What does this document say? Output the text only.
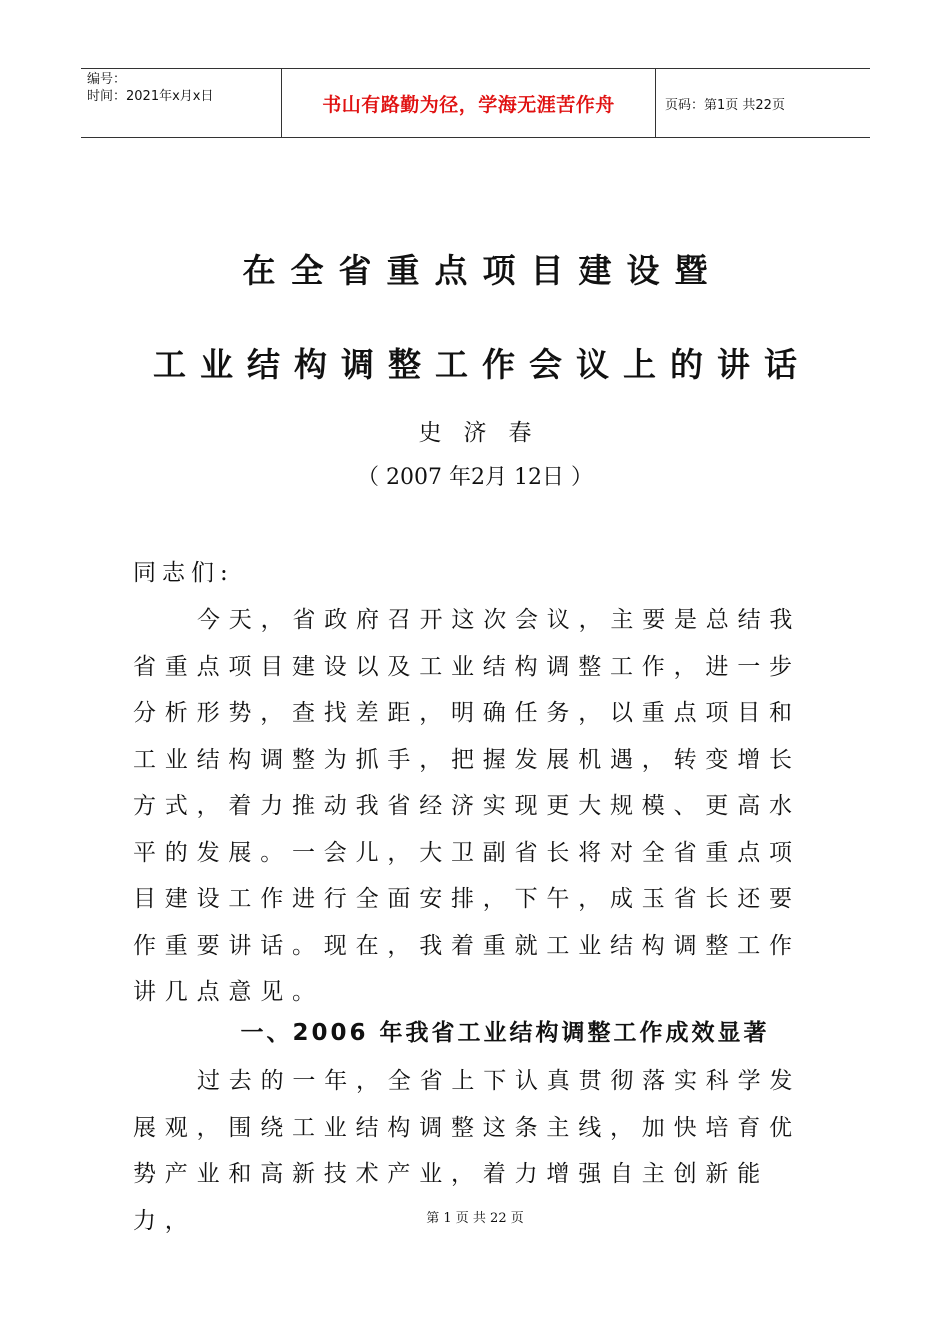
编号：
时间：2021年x月x日	书山有路勤为径，学海无涯苦作舟	页码：第1页 共22页
在全省重点项目建设暨
工业结构调整工作会议上的讲话
史济春
（ 2007 年2月 12日 ）
同志们:
今天，省政府召开这次会议，主要是总结我省重点项目建设以及工业结构调整工作，进一步分析形势，查找差距，明确任务，以重点项目和工业结构调整为抓手，把握发展机遇，转变增长方式，着力推动我省经济实现更大规模、更高水平的发展。一会儿，大卫副省长将对全省重点项目建设工作进行全面安排，下午，成玉省长还要作重要讲话。现在，我着重就工业结构调整工作讲几点意见。
一、2006 年我省工业结构调整工作成效显著
过去的一年，全省上下认真贯彻落实科学发展观，围绕工业结构调整这条主线，加快培育优势产业和高新技术产业，着力增强自主创新能力，	第 1 页 共 22 页
